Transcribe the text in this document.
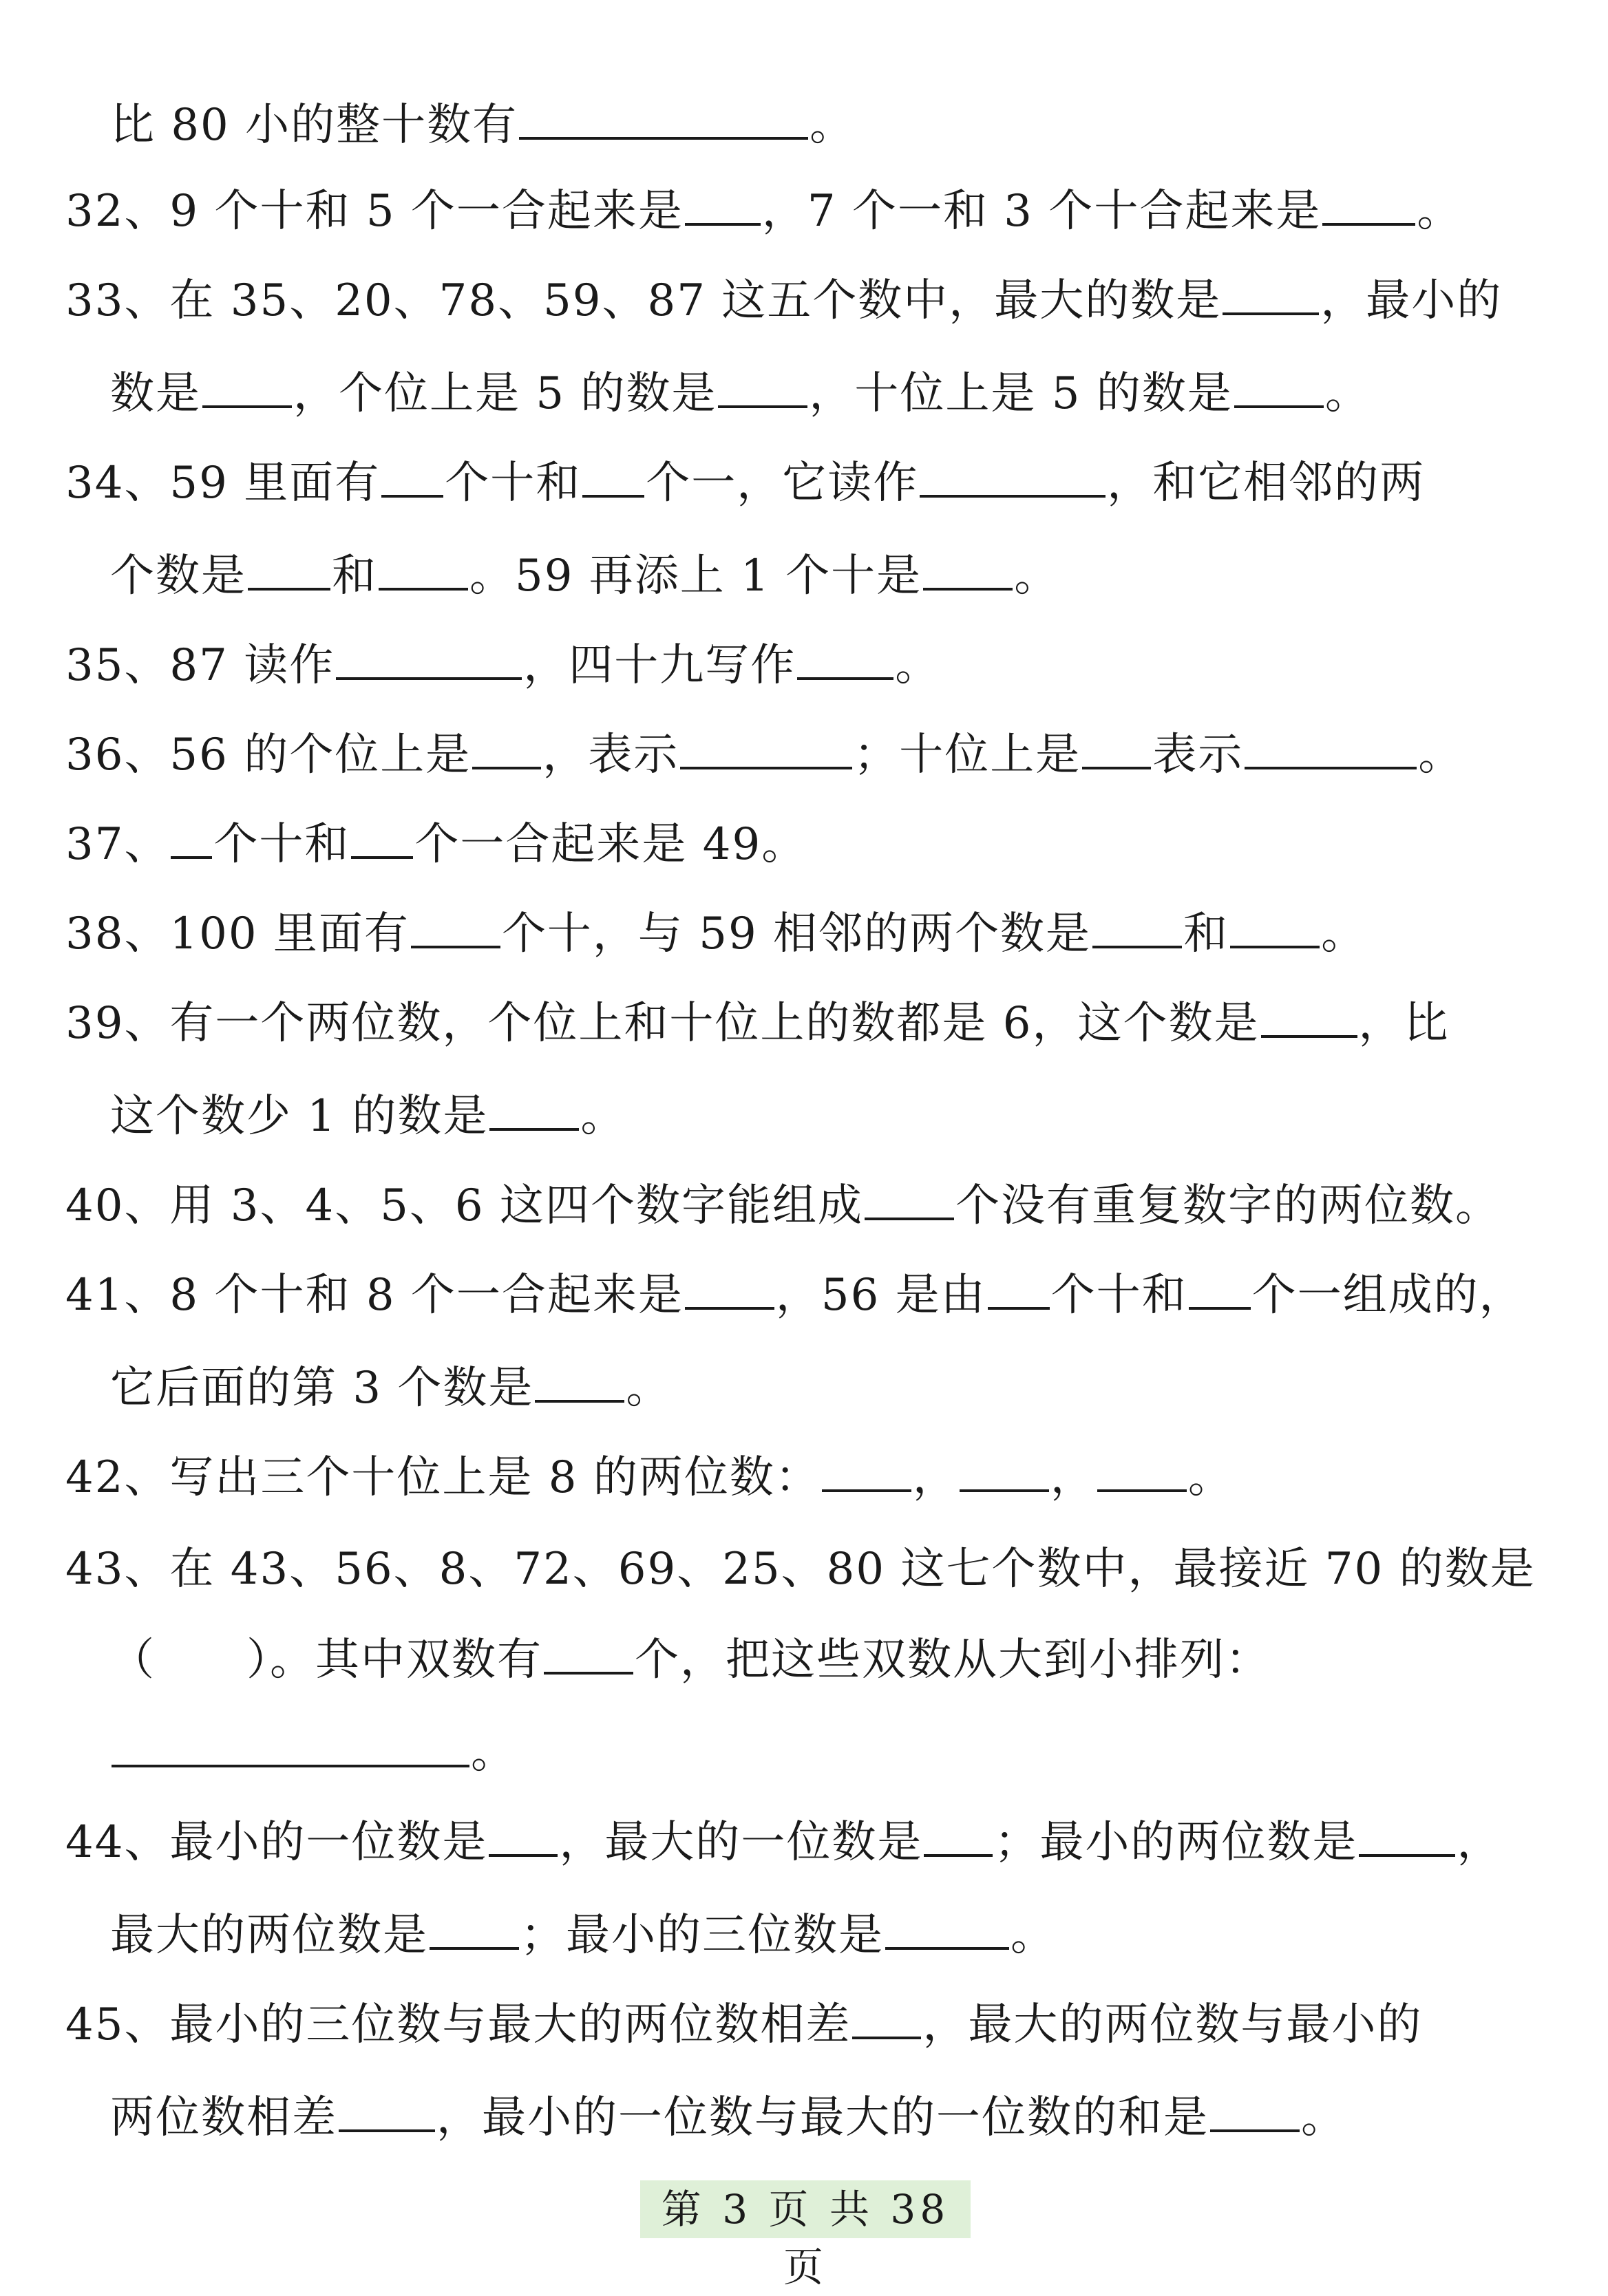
比 80 小的整十数有	。
32、9 个十和 5 个一合起来是 ，7 个一和 3 个十合起来是 。
33、在 35、20、78、59、87 这五个数中，最大的数是 ，最小的
数是 ，个位上是 5 的数是 ，十位上是 5 的数是 。
34、59 里面有 个十和 个一，它读作	，和它相邻的两
个数是 和 。59 再添上 1 个十是 。
35、87 读作	，四十九写作 。
36、56 的个位上是 ，表示	；十位上是 表示	。
37、 个十和 个一合起来是 49。
38、100 里面有 个十，与 59 相邻的两个数是 和 。
39、有一个两位数，个位上和十位上的数都是 6，这个数是 ，比
这个数少 1 的数是 。
40、用 3、4、5、6 这四个数字能组成 个没有重复数字的两位数。
41、8 个十和 8 个一合起来是 ，56 是由 个十和 个一组成的，
它后面的第 3 个数是 。
42、写出三个十位上是 8 的两位数： ， ， 。
43、在 43、56、8、72、69、25、80 这七个数中，最接近 70 的数是
（　　）。其中双数有 个，把这些双数从大到小排列：
。
44、最小的一位数是 ，最大的一位数是 ；最小的两位数是 ，
最大的两位数是 ；最小的三位数是	。
45、最小的三位数与最大的两位数相差 ，最大的两位数与最小的
两位数相差 ，最小的一位数与最大的一位数的和是 。
第 3 页 共 38 页
